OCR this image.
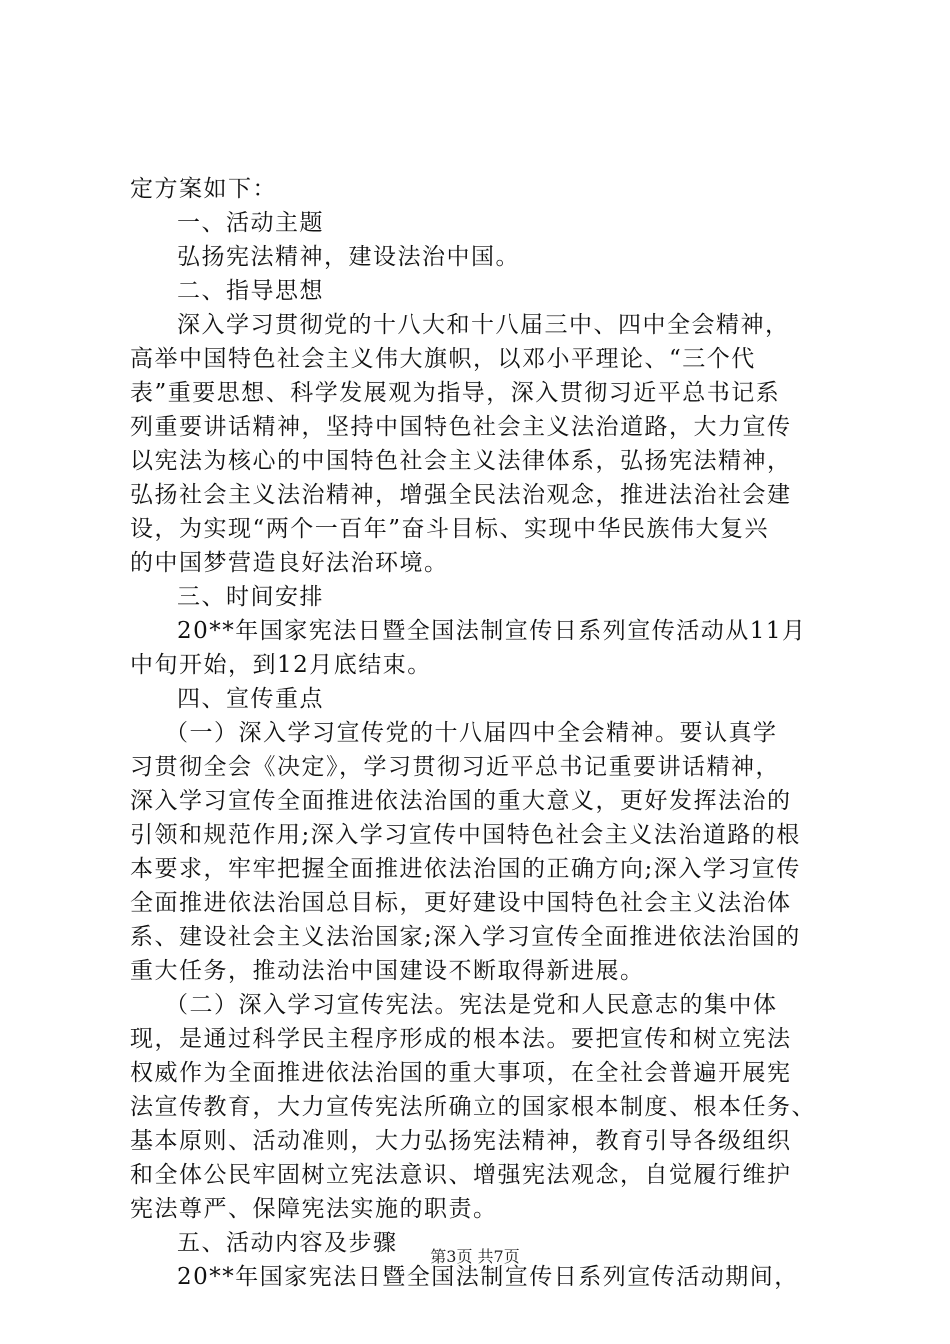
定方案如下：
一、活动主题
弘扬宪法精神，建设法治中国。
二、指导思想
深入学习贯彻党的十八大和十八届三中、四中全会精神，
高举中国特色社会主义伟大旗帜，以邓小平理论、“三个代
表”重要思想、科学发展观为指导，深入贯彻习近平总书记系
列重要讲话精神，坚持中国特色社会主义法治道路，大力宣传
以宪法为核心的中国特色社会主义法律体系，弘扬宪法精神，
弘扬社会主义法治精神，增强全民法治观念，推进法治社会建
设，为实现“两个一百年”奋斗目标、实现中华民族伟大复兴
的中国梦营造良好法治环境。
三、时间安排
20**年国家宪法日暨全国法制宣传日系列宣传活动从11月
中旬开始，到12月底结束。
四、宣传重点
（一）深入学习宣传党的十八届四中全会精神。要认真学
习贯彻全会《决定》，学习贯彻习近平总书记重要讲话精神，
深入学习宣传全面推进依法治国的重大意义，更好发挥法治的
引领和规范作用;深入学习宣传中国特色社会主义法治道路的根
本要求，牢牢把握全面推进依法治国的正确方向;深入学习宣传
全面推进依法治国总目标，更好建设中国特色社会主义法治体
系、建设社会主义法治国家;深入学习宣传全面推进依法治国的
重大任务，推动法治中国建设不断取得新进展。
（二）深入学习宣传宪法。宪法是党和人民意志的集中体
现，是通过科学民主程序形成的根本法。要把宣传和树立宪法
权威作为全面推进依法治国的重大事项，在全社会普遍开展宪
法宣传教育，大力宣传宪法所确立的国家根本制度、根本任务、
基本原则、活动准则，大力弘扬宪法精神，教育引导各级组织
和全体公民牢固树立宪法意识、增强宪法观念，自觉履行维护
宪法尊严、保障宪法实施的职责。
五、活动内容及步骤
20**年国家宪法日暨全国法制宣传日系列宣传活动期间，
第3页 共7页
